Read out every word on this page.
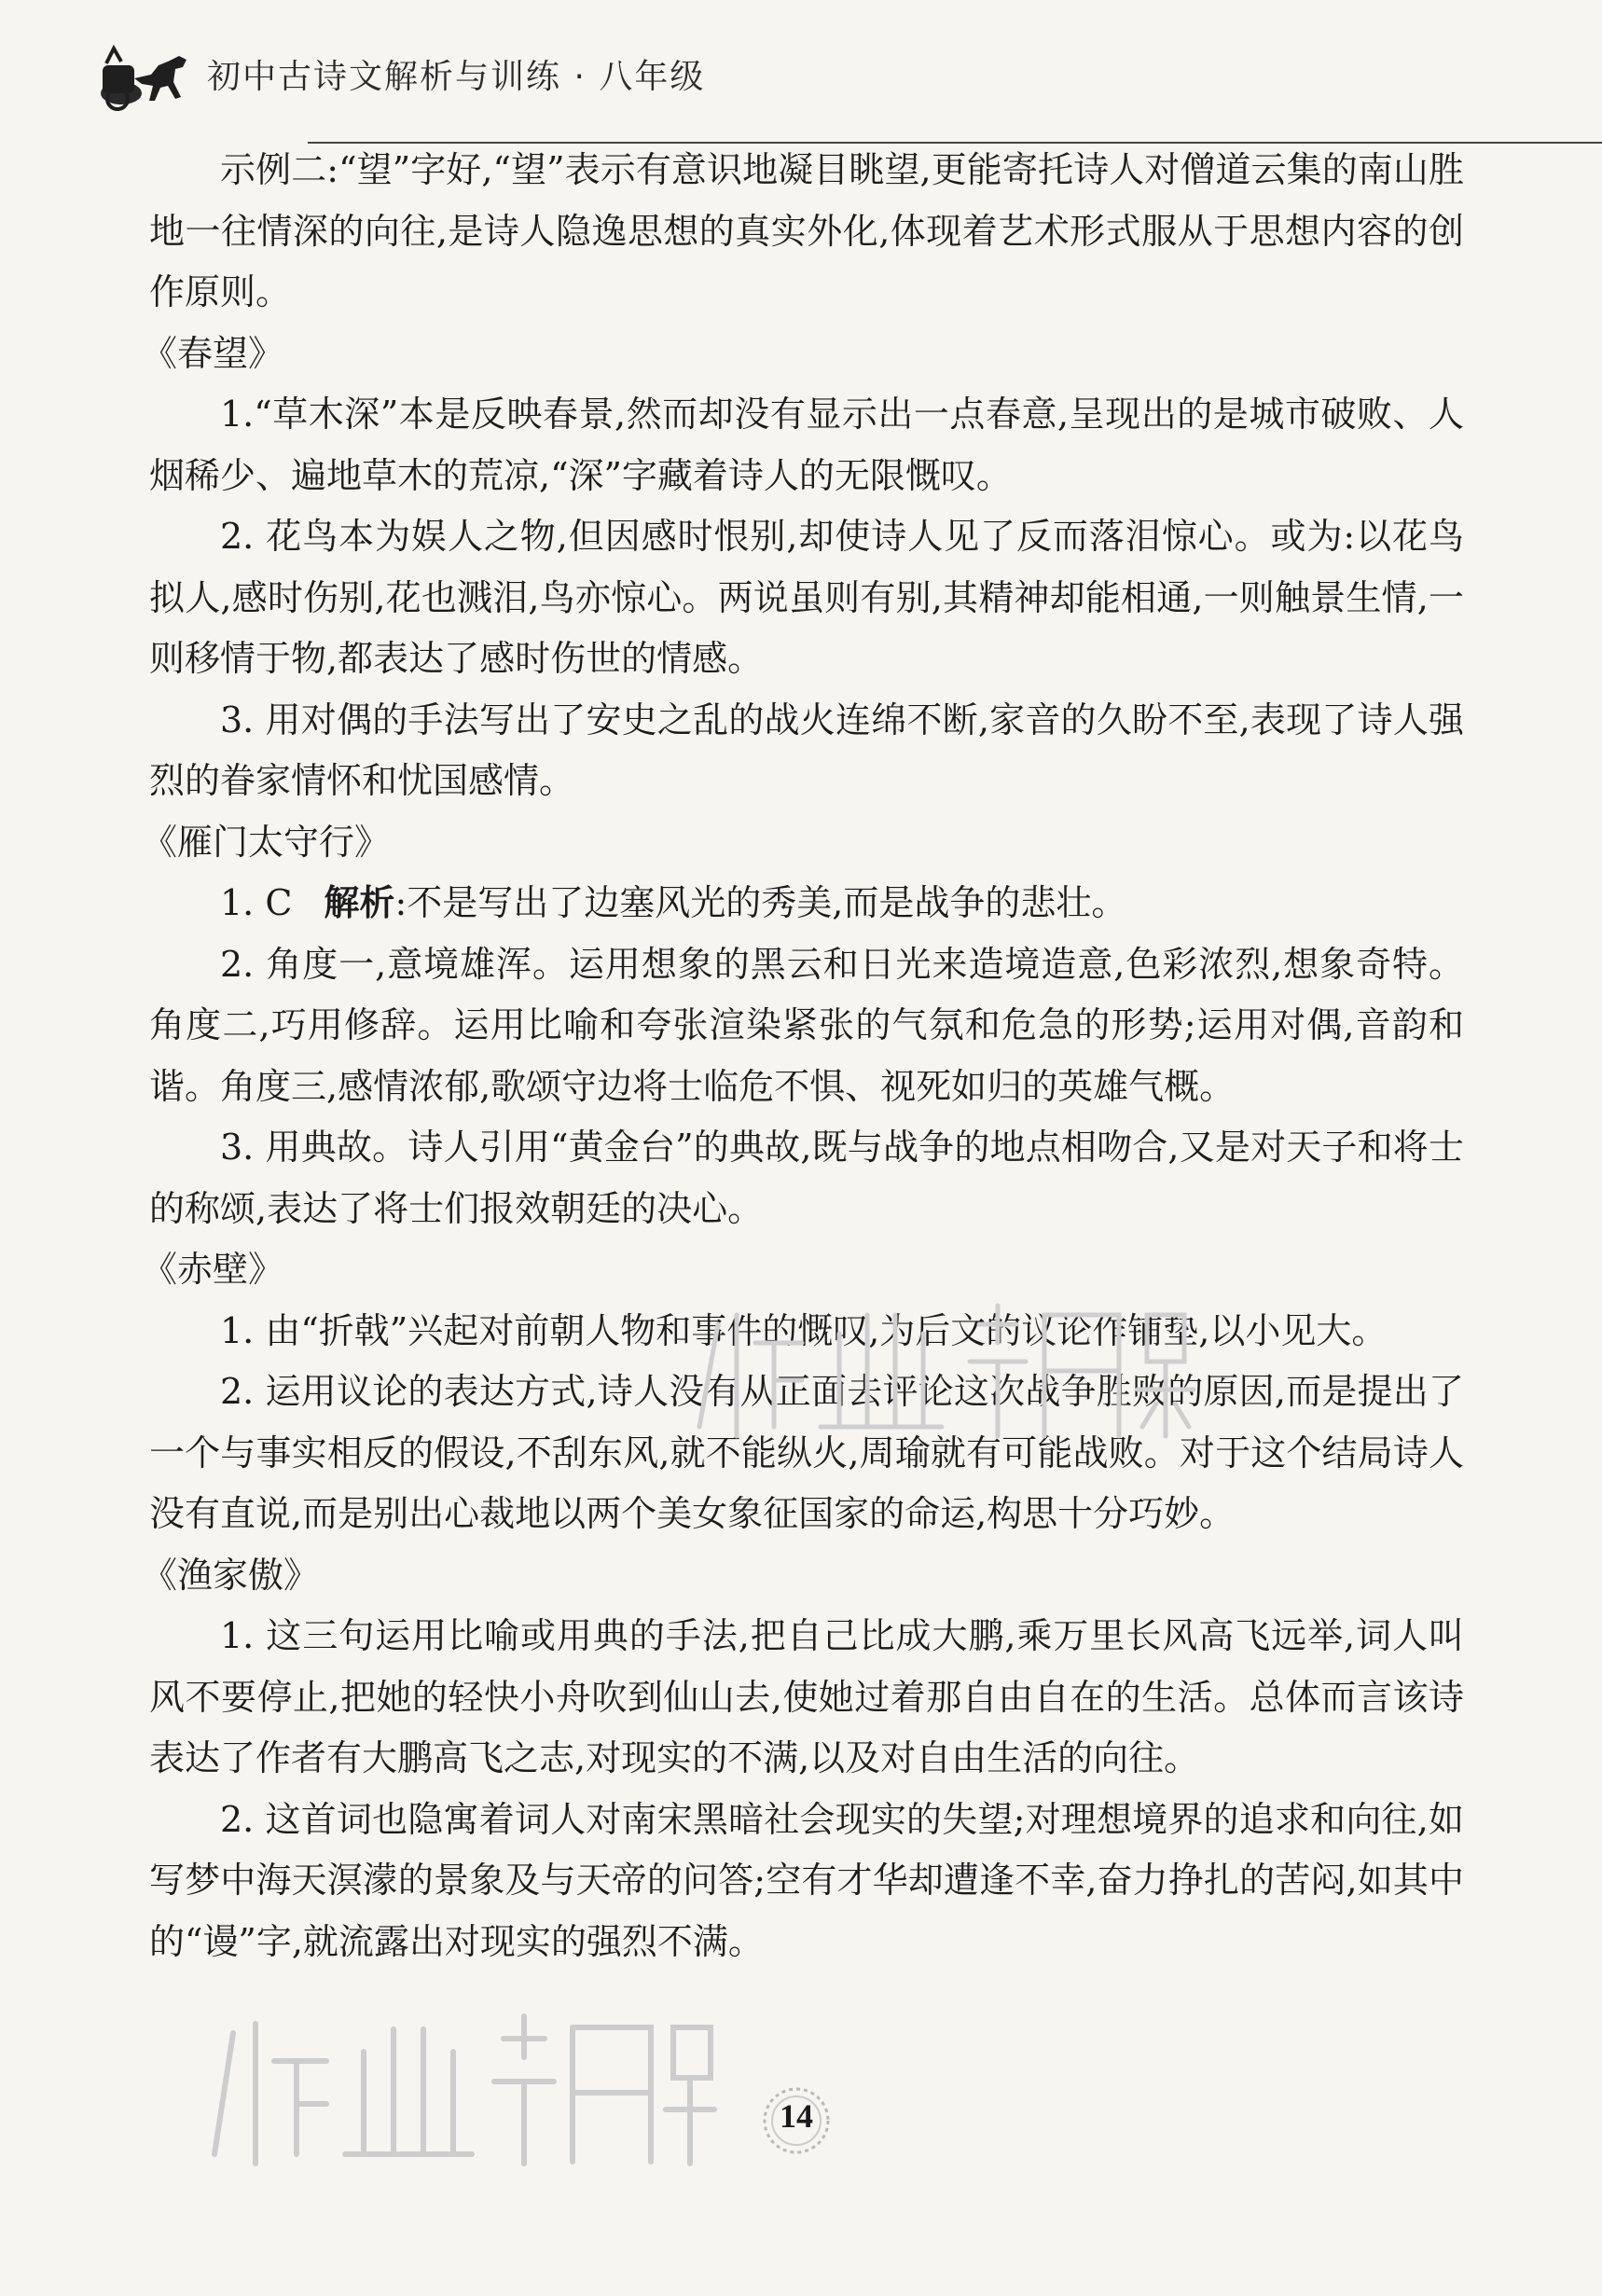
初中古诗文解析与训练 · 八年级

示例二:“望”字好,“望”表示有意识地凝目眺望,更能寄托诗人对僧道云集的南山胜地一往情深的向往,是诗人隐逸思想的真实外化,体现着艺术形式服从于思想内容的创作原则。

《春望》

1.“草木深”本是反映春景,然而却没有显示出一点春意,呈现出的是城市破败、人烟稀少、遍地草木的荒凉,“深”字藏着诗人的无限慨叹。

2. 花鸟本为娱人之物,但因感时恨别,却使诗人见了反而落泪惊心。或为:以花鸟拟人,感时伤别,花也溅泪,鸟亦惊心。两说虽则有别,其精神却能相通,一则触景生情,一则移情于物,都表达了感时伤世的情感。

3. 用对偶的手法写出了安史之乱的战火连绵不断,家音的久盼不至,表现了诗人强烈的眷家情怀和忧国感情。

《雁门太守行》

1. C 解析:不是写出了边塞风光的秀美,而是战争的悲壮。

2. 角度一,意境雄浑。运用想象的黑云和日光来造境造意,色彩浓烈,想象奇特。角度二,巧用修辞。运用比喻和夸张渲染紧张的气氛和危急的形势;运用对偶,音韵和谐。角度三,感情浓郁,歌颂守边将士临危不惧、视死如归的英雄气概。

3. 用典故。诗人引用“黄金台”的典故,既与战争的地点相吻合,又是对天子和将士的称颂,表达了将士们报效朝廷的决心。

《赤壁》

1. 由“折戟”兴起对前朝人物和事件的慨叹,为后文的议论作铺垫,以小见大。

2. 运用议论的表达方式,诗人没有从正面去评论这次战争胜败的原因,而是提出了一个与事实相反的假设,不刮东风,就不能纵火,周瑜就有可能战败。对于这个结局诗人没有直说,而是别出心裁地以两个美女象征国家的命运,构思十分巧妙。

《渔家傲》

1. 这三句运用比喻或用典的手法,把自己比成大鹏,乘万里长风高飞远举,词人叫风不要停止,把她的轻快小舟吹到仙山去,使她过着那自由自在的生活。总体而言该诗表达了作者有大鹏高飞之志,对现实的不满,以及对自由生活的向往。

2. 这首词也隐寓着词人对南宋黑暗社会现实的失望;对理想境界的追求和向往,如写梦中海天溟濛的景象及与天帝的问答;空有才华却遭逢不幸,奋力挣扎的苦闷,如其中的“谩”字,就流露出对现实的强烈不满。

14
